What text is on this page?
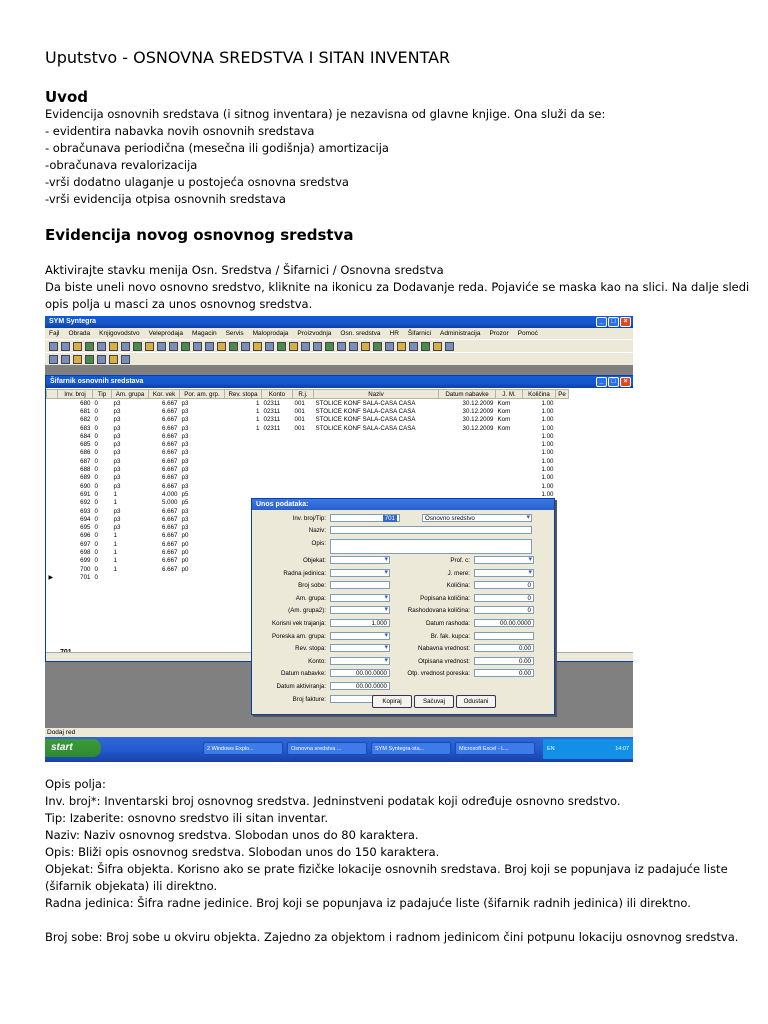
Uputstvo - OSNOVNA SREDSTVA I SITAN INVENTAR
Uvod
Evidencija osnovnih sredstava (i sitnog inventara) je nezavisna od glavne knjige. Ona služi da se:
- evidentira nabavka novih osnovnih sredstava
- obračunava periodična (mesečna ili godišnja) amortizacija
-obračunava revalorizacija
-vrši dodatno ulaganje u postojeća osnovna sredstva
-vrši evidencija otpisa osnovnih sredstava
Evidencija novog osnovnog sredstva
Aktivirajte stavku menija Osn. Sredstva / Šifarnici / Osnovna sredstva
Da biste uneli novo osnovno sredstvo, kliknite na ikonicu za Dodavanje reda. Pojaviće se maska kao na slici. Na dalje sledi
opis polja u masci za unos osnovnog sredstva.
SYM Syntegra	_	□	×
Fajl Obrada Knjigovodstvo Veleprodaja Magacin Servis Maloprodaja Proizvodnja Osn. sredstva HR Šifarnici Administracija Prozor Pomoć
Šifarnik osnovnih sredstava	_	□	×
	Inv. broj	Tip	Am. grupa	Kor. vek	Por. am. grp.	Rev. stopa	Konto	R.j.	Naziv	Datum nabavke	J. M.	Količina	Pe
	680	0	p3	6.667	p3	1	02311	001	STOLICE KONF SALA-CASA CASA	30.12.2009	Kom	1.00	
	681	0	p3	6.667	p3	1	02311	001	STOLICE KONF SALA-CASA CASA	30.12.2009	Kom	1.00	
	682	0	p3	6.667	p3	1	02311	001	STOLICE KONF SALA-CASA CASA	30.12.2009	Kom	1.00	
	683	0	p3	6.667	p3	1	02311	001	STOLICE KONF SALA-CASA CASA	30.12.2009	Kom	1.00	
	684	0	p3	6.667	p3							1.00	
	685	0	p3	6.667	p3							1.00	
	686	0	p3	6.667	p3							1.00	
	687	0	p3	6.667	p3							1.00	
	688	0	p3	6.667	p3							1.00	
	689	0	p3	6.667	p3							1.00	
	690	0	p3	6.667	p3							1.00	
	691	0	1	4.000	p5							1.00	
	692	0	1	5.000	p5							
	693	0	p3	6.667	p3							
	694	0	p3	6.667	p3							
	695	0	p3	6.667	p3							
	696	0	1	6.667	p0							
	697	0	1	6.667	p0							
	698	0	1	6.667	p0							
	699	0	1	6.667	p0							
	700	0	1	6.667	p0							
▶	701	0										
Unos podataka:
Inv. broj/Tip:	701	Osnovno sredstvo ▾
Naziv:
Opis:
Objekat:
▾
Radna jedinica:
▾
Broj sobe:
Am. grupa:
▾
(Am. grupa2):
▾
Korisni vek trajanja:	1.000
Poreska am. grupa:
▾
Rev. stopa:
▾
Konto:
▾
Datum nabavke:	00.00.0000
Datum aktiviranja:	00.00.0000
Broj fakture:
Prof. c:
▾
J. mere:
▾
Količina:	0
Popisana količina:	0
Rashodovana količina:	0
Datum rashoda:	00.00.0000
Br. fak. kupca:
Nabavna vrednost:	0.00
Otpisana vrednost:	0.00
Otp. vrednost poreska:	0.00
Kopiraj	Sačuvaj	Odustani
Dodaj red
start	2 Windows Explo...	Osnovna sredstva ...	SYM Syntegra-sta...	Microsoft Excel - L...	EN	14:07
Opis polja:
Inv. broj*: Inventarski broj osnovnog sredstva. Jedninstveni podatak koji određuje osnovno sredstvo.
Tip: Izaberite: osnovno sredstvo ili sitan inventar.
Naziv: Naziv osnovnog sredstva. Slobodan unos do 80 karaktera.
Opis: Bliži opis osnovnog sredstva. Slobodan unos do 150 karaktera.
Objekat: Šifra objekta. Korisno ako se prate fizičke lokacije osnovnih sredstava. Broj koji se popunjava iz padajuće liste
(šifarnik objekata) ili direktno.
Radna jedinica: Šifra radne jedinice. Broj koji se popunjava iz padajuće liste (šifarnik radnih jedinica) ili direktno.
Broj sobe: Broj sobe u okviru objekta. Zajedno za objektom i radnom jedinicom čini potpunu lokaciju osnovnog sredstva.
